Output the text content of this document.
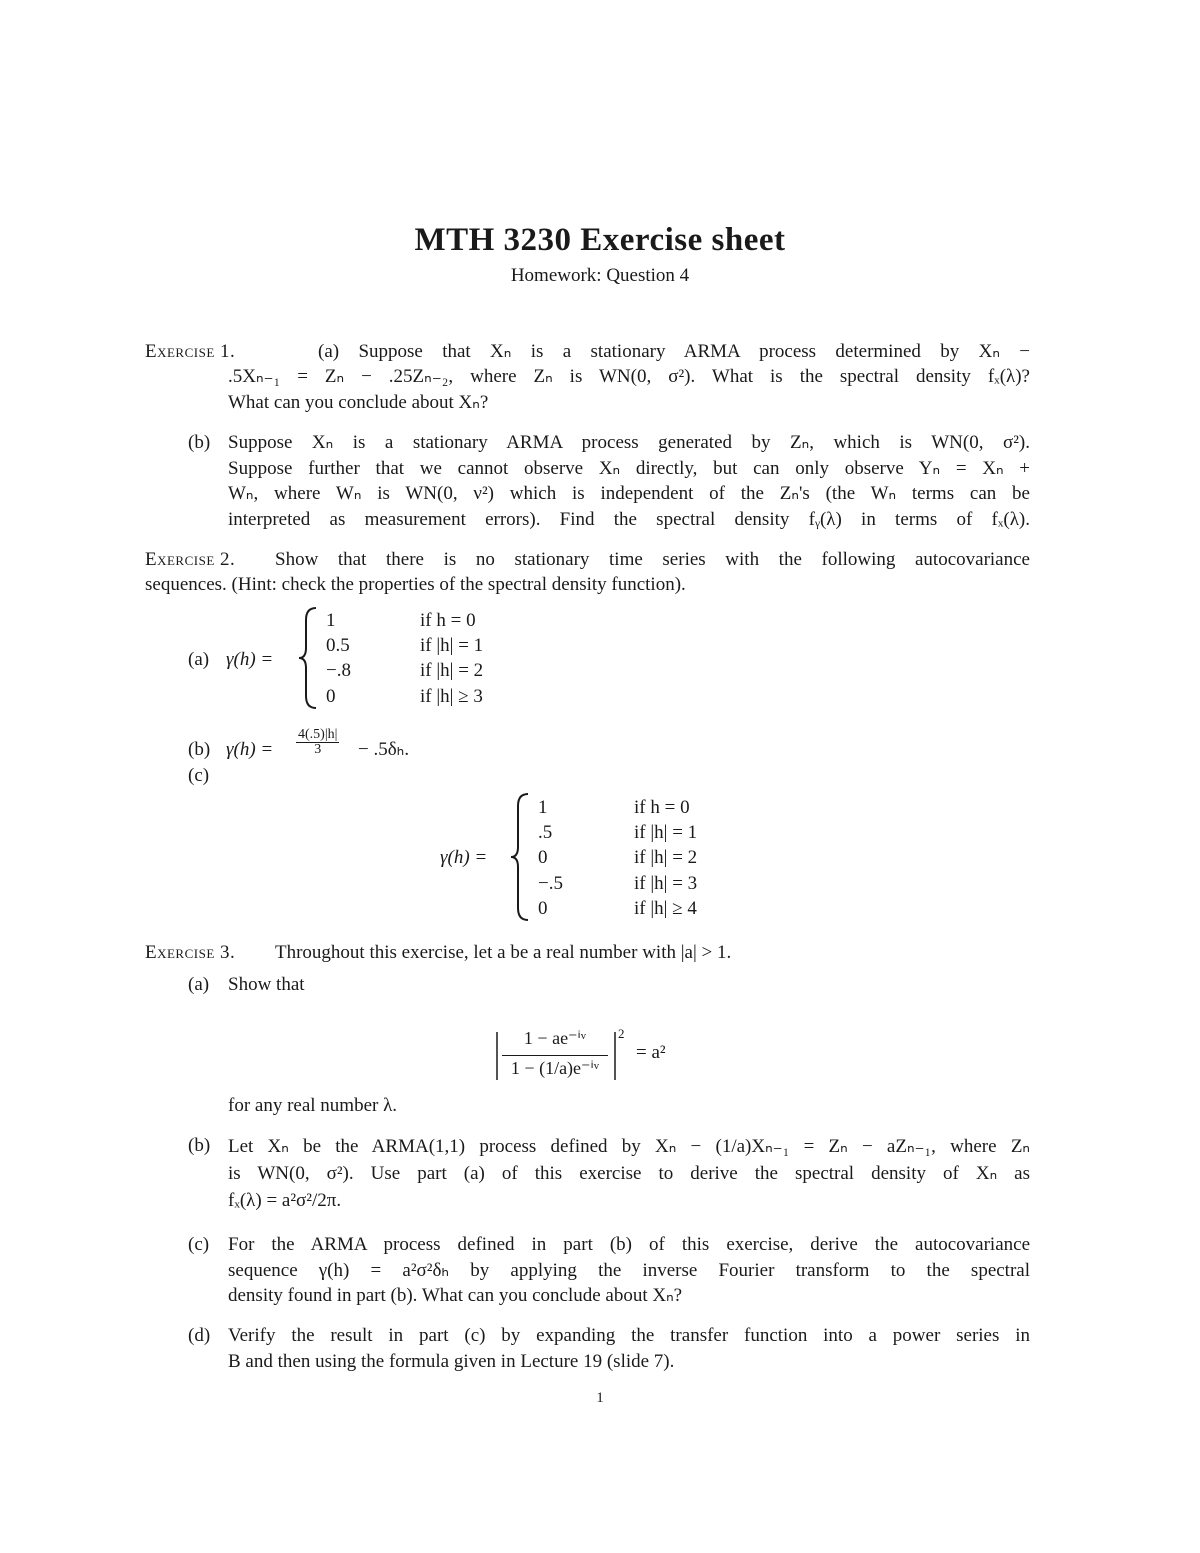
MTH 3230 Exercise sheet
Homework: Question 4
Exercise 1.	(a) Suppose that Xₙ is a stationary ARMA process determined by Xₙ −
.5Xₙ₋₁ = Zₙ − .25Zₙ₋₂, where Zₙ is WN(0, σ²). What is the spectral density fₓ(λ)?
What can you conclude about Xₙ?
(b) Suppose Xₙ is a stationary ARMA process generated by Zₙ, which is WN(0, σ²).
Suppose further that we cannot observe Xₙ directly, but can only observe Yₙ = Xₙ +
Wₙ, where Wₙ is WN(0, ν²) which is independent of the Zₙ's (the Wₙ terms can be
interpreted as measurement errors). Find the spectral density fᵧ(λ) in terms of fₓ(λ).
Exercise 2. Show that there is no stationary time series with the following autocovariance
sequences. (Hint: check the properties of the spectral density function).
(a) γ(h) =
1
0.5
−.8
0
if h = 0
if |h| = 1
if |h| = 2
if |h| ≥ 3
(b) $\gamma(h) = \frac{4(.5)|h|}{3} - .5\delta_h$.
(c)
γ(h) =
1
.5
0
−.5
0
if h = 0
if |h| = 1
if |h| = 2
if |h| = 3
if |h| ≥ 4
Exercise 3. Throughout this exercise, let a be a real number with |a| > 1.
(a) Show that
1 − ae⁻ⁱᵛ
1 − (1/a)e⁻ⁱᵛ
2
= a²
for any real number λ.
(b) Let Xₙ be the ARMA(1,1) process defined by Xₙ − (1/a)Xₙ₋₁ = Zₙ − aZₙ₋₁, where Zₙ
is WN(0, σ²). Use part (a) of this exercise to derive the spectral density of Xₙ as
fₓ(λ) = a²σ²/2π.
(c) For the ARMA process defined in part (b) of this exercise, derive the autocovariance
sequence γ(h) = a²σ²δₕ by applying the inverse Fourier transform to the spectral
density found in part (b). What can you conclude about Xₙ?
(d) Verify the result in part (c) by expanding the transfer function into a power series in
B and then using the formula given in Lecture 19 (slide 7).
1
